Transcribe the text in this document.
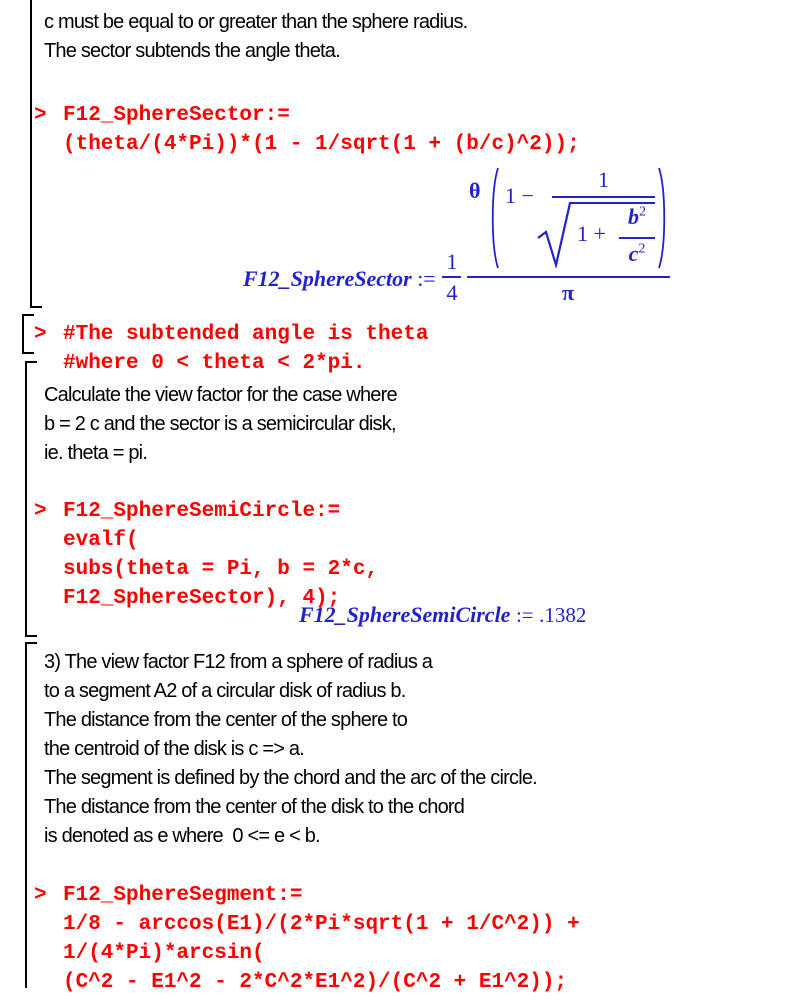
c must be equal to or greater than the sphere radius.
The sector subtends the angle theta.
> F12_SphereSector:=
(theta/(4*Pi))*(1 - 1/sqrt(1 + (b/c)^2));
F12_SphereSector :=
1
4	π
θ 1 −
1
1 +
$b^2$
$c^2$
> #The subtended angle is theta
#where 0 < theta < 2*pi.
Calculate the view factor for the case where
b = 2 c and the sector is a semicircular disk,
ie. theta = pi.
> F12_SphereSemiCircle:=
evalf(
subs(theta = Pi, b = 2*c,
F12_SphereSector), 4);
F12_SphereSemiCircle := .1382
3) The view factor F12 from a sphere of radius a
to a segment A2 of a circular disk of radius b.
The distance from the center of the sphere to
the centroid of the disk is c => a.
The segment is defined by the chord and the arc of the circle.
The distance from the center of the disk to the chord
is denoted as e where  0 <= e < b.
> F12_SphereSegment:=
1/8 - arccos(E1)/(2*Pi*sqrt(1 + 1/C^2)) +
1/(4*Pi)*arcsin(
(C^2 - E1^2 - 2*C^2*E1^2)/(C^2 + E1^2));
